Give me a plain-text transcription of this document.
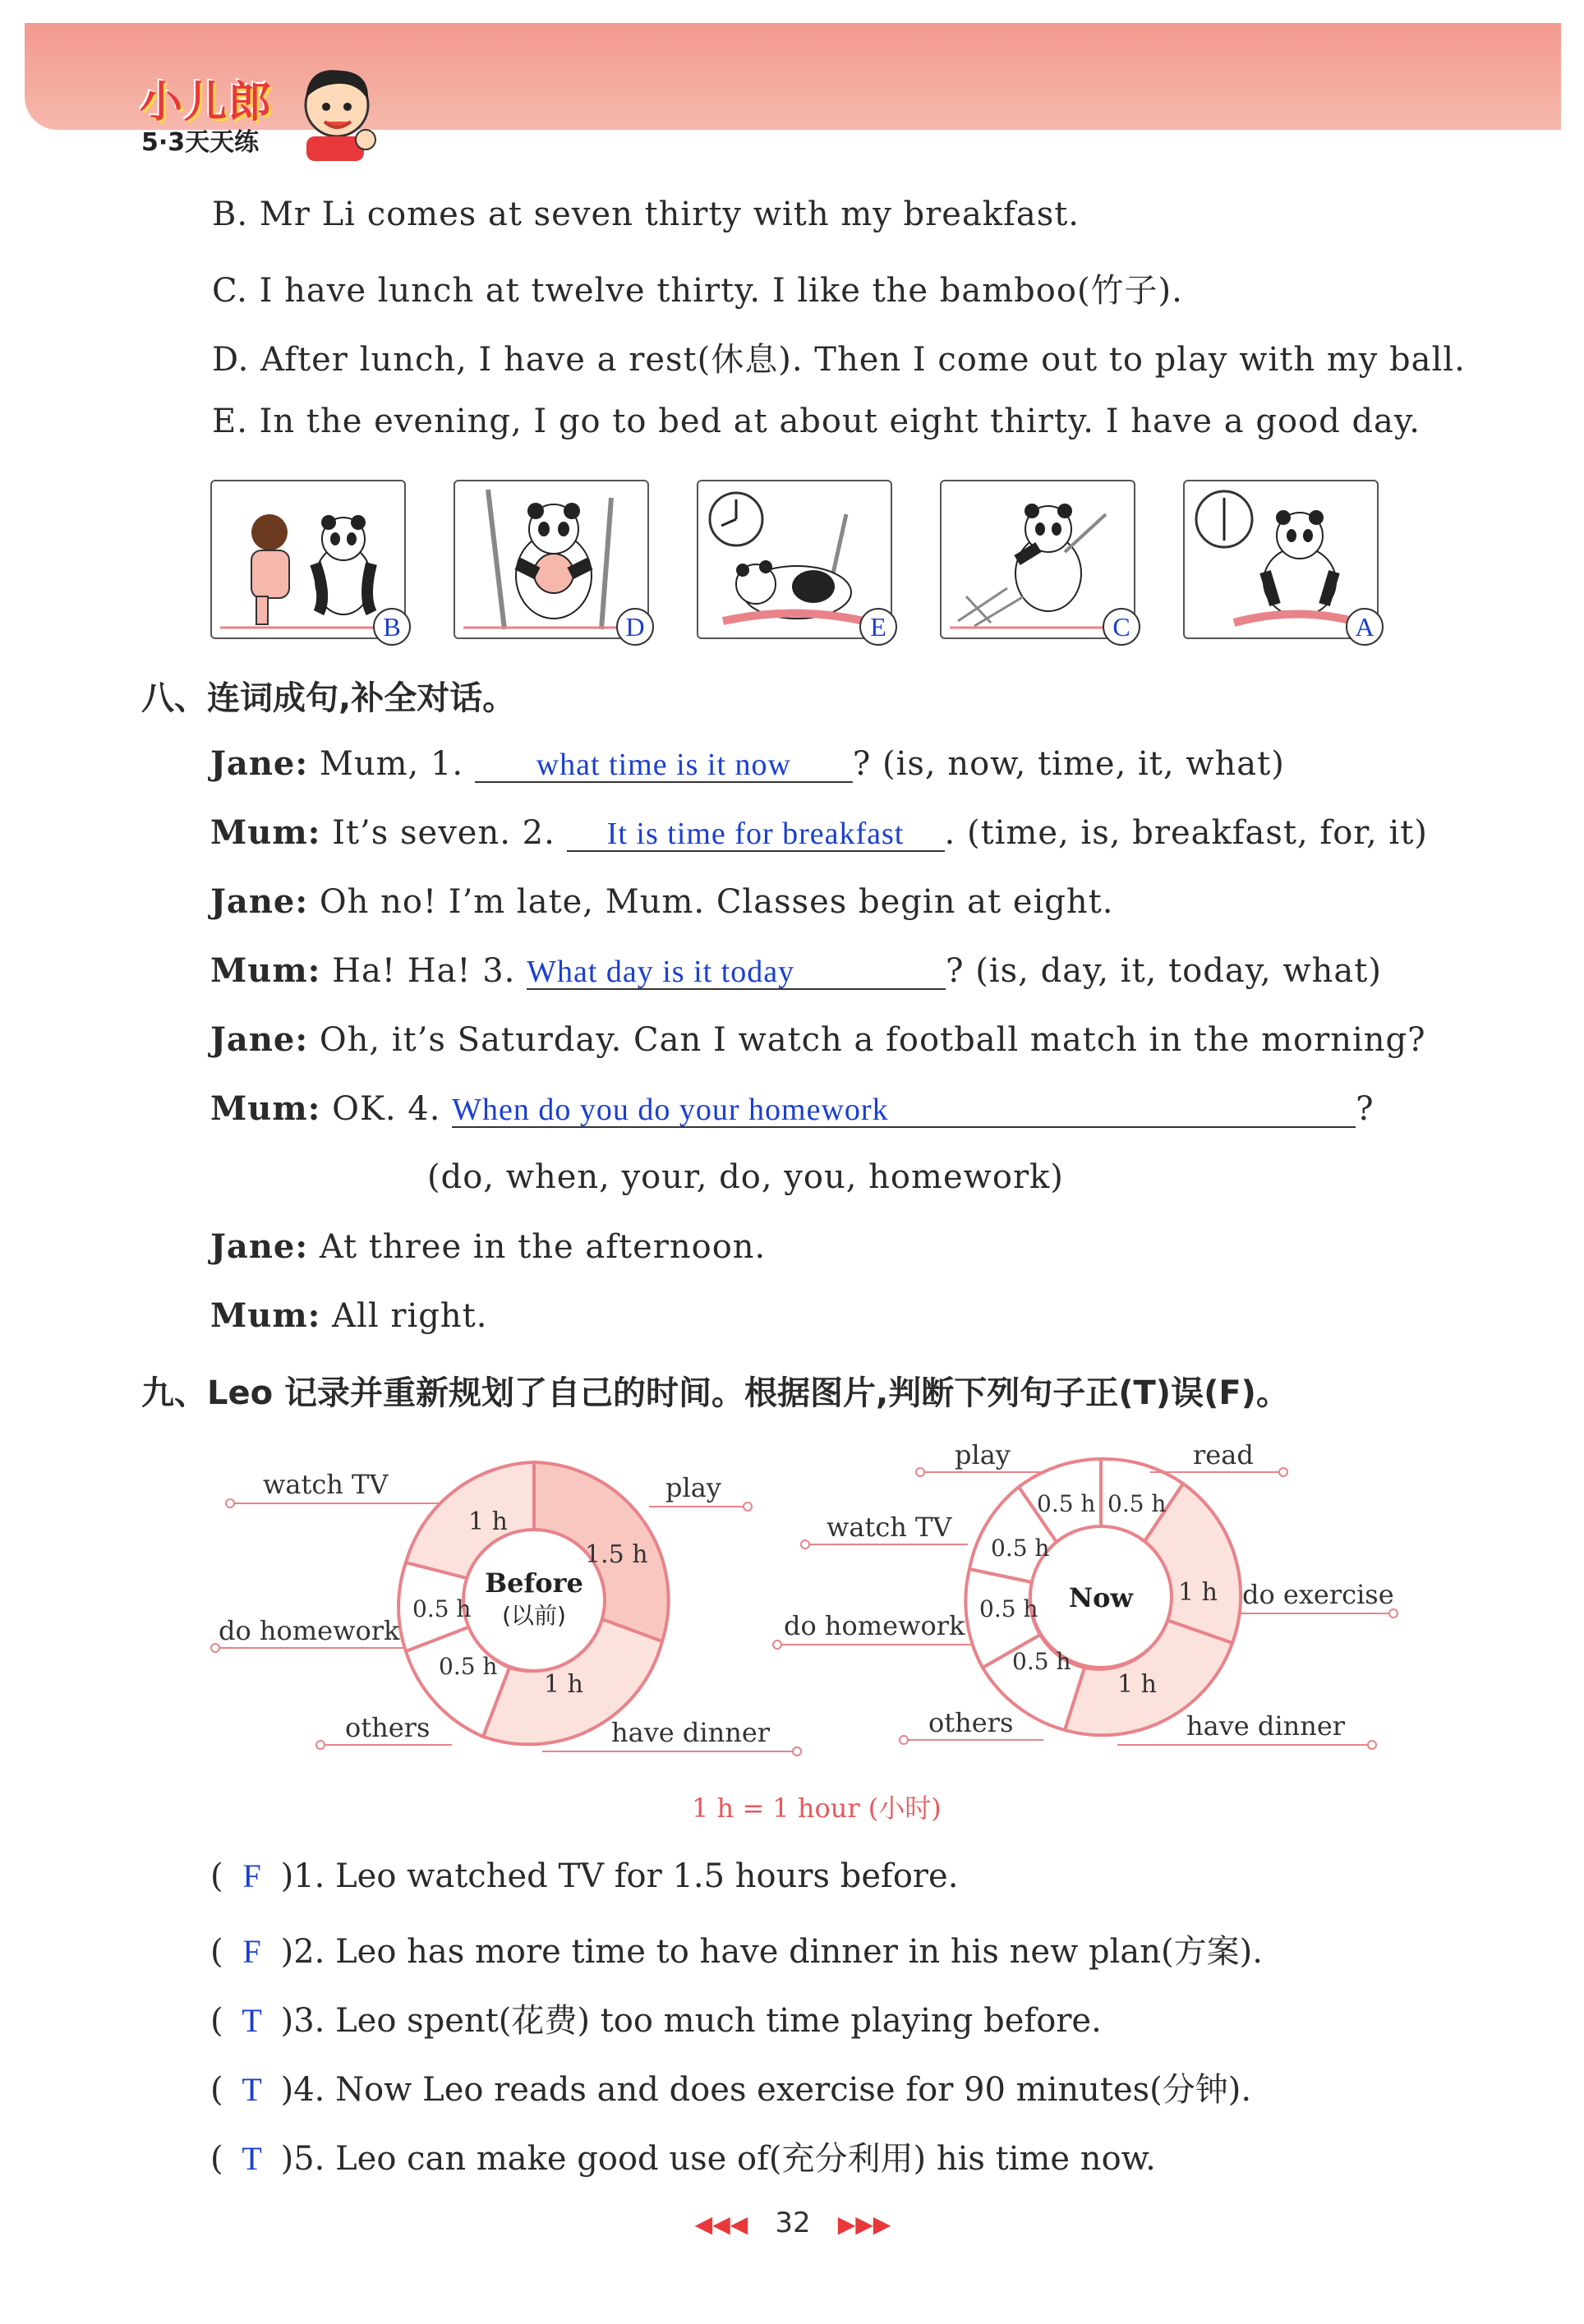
小儿郎
5·3天天练
B. Mr Li comes at seven thirty with my breakfast.
C. I have lunch at twelve thirty. I like the bamboo(竹子).
D. After lunch, I have a rest(休息). Then I come out to play with my ball.
E. In the evening, I go to bed at about eight thirty. I have a good day.
B	D	E	C	A
八、连词成句,补全对话。
Jane: Mum, 1. what time is it now ? (is, now, time, it, what)
Mum: It’s seven. 2. It is time for breakfast . (time, is, breakfast, for, it)
Jane: Oh no! I’m late, Mum. Classes begin at eight.
Mum: Ha! Ha! 3. What day is it today	? (is, day, it, today, what)
Jane: Oh, it’s Saturday. Can I watch a football match in the morning?
Mum: OK. 4. When do you do your homework	?
(do, when, your, do, you, homework)
Jane: At three in the afternoon.
Mum: All right.
九、Leo 记录并重新规划了自己的时间。根据图片,判断下列句子正(T)误(F)。
Before
(以前)
1 h
1.5 h
1 h
0.5 h
0.5 h
watch TV	play
have dinner
others
do homework
Now
0.5 h 0.5 h
1 h
1 h
0.5 h
0.5 h
0.5 h
play	read
do exercise
have dinner
others
do homework
watch TV
1 h = 1 hour (小时)
( F )1. Leo watched TV for 1.5 hours before.
( F )2. Leo has more time to have dinner in his new plan(方案).
( T )3. Leo spent(花费) too much time playing before.
( T )4. Now Leo reads and does exercise for 90 minutes(分钟).
( T )5. Leo can make good use of(充分利用) his time now.
◀◀◀ 32 ▶▶▶
